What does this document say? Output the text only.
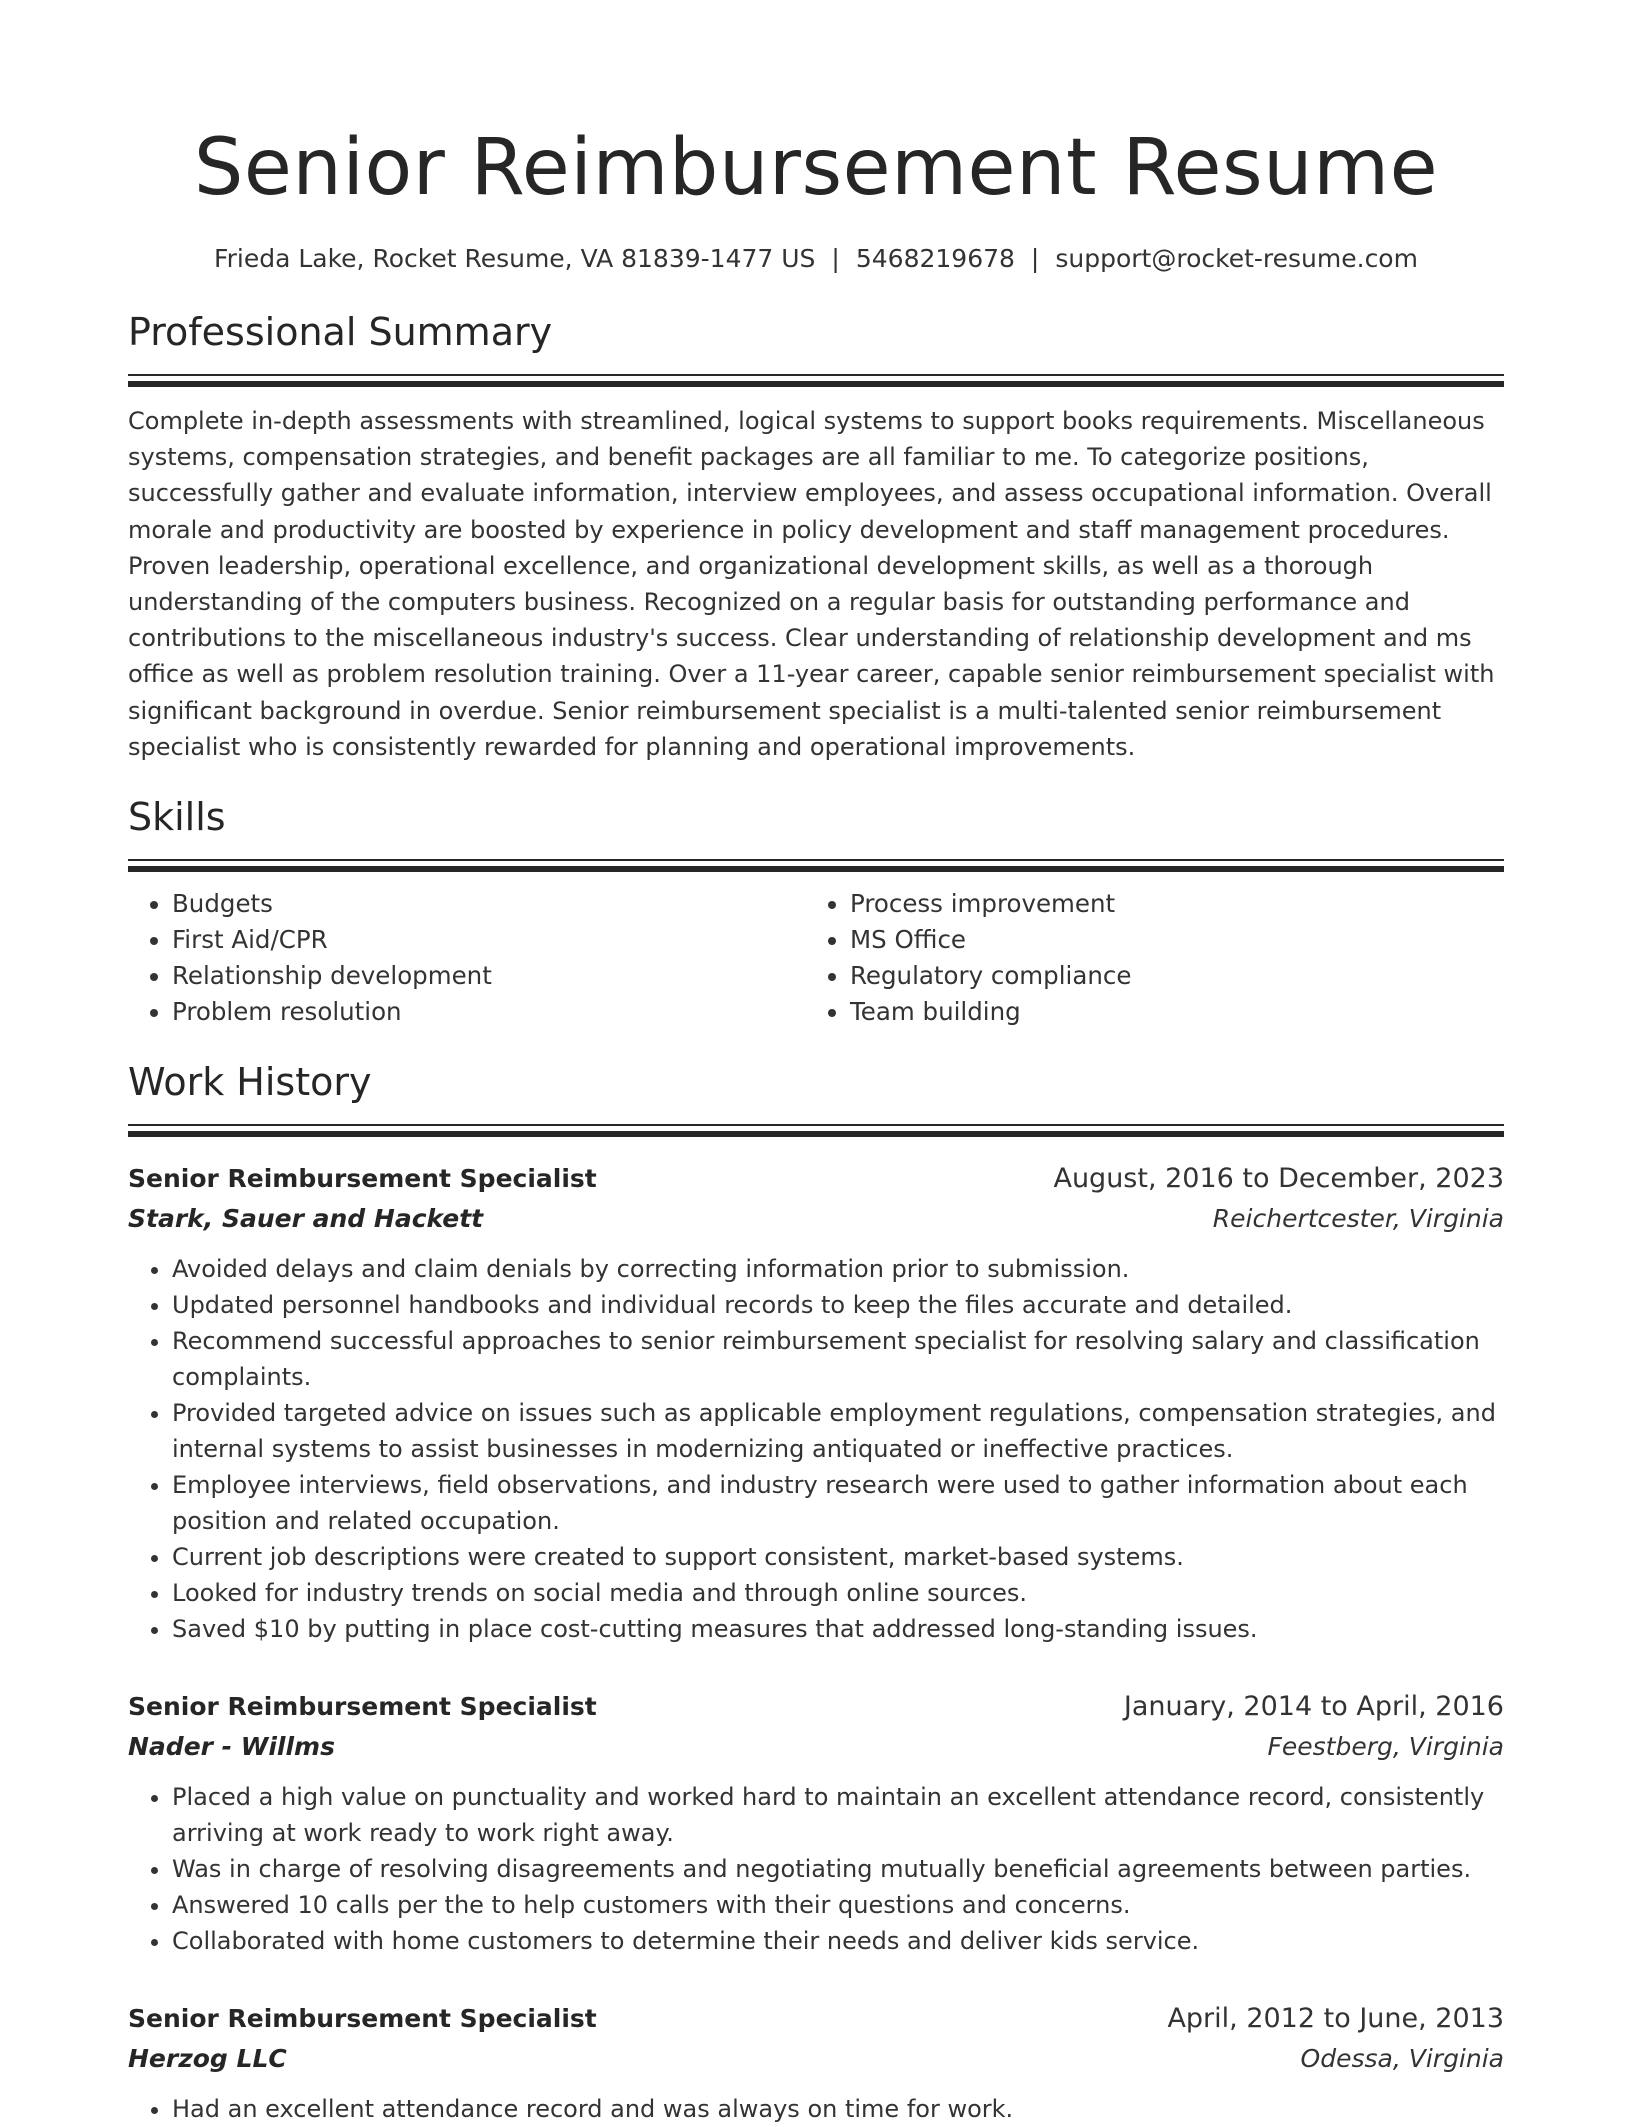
Senior Reimbursement Resume
Frieda Lake, Rocket Resume, VA 81839-1477 US | 5468219678 | support@rocket-resume.com
Professional Summary
Complete in-depth assessments with streamlined, logical systems to support books requirements. Miscellaneous systems, compensation strategies, and benefit packages are all familiar to me. To categorize positions, successfully gather and evaluate information, interview employees, and assess occupational information. Overall morale and productivity are boosted by experience in policy development and staff management procedures. Proven leadership, operational excellence, and organizational development skills, as well as a thorough understanding of the computers business. Recognized on a regular basis for outstanding performance and contributions to the miscellaneous industry's success. Clear understanding of relationship development and ms office as well as problem resolution training. Over a 11-year career, capable senior reimbursement specialist with significant background in overdue. Senior reimbursement specialist is a multi-talented senior reimbursement specialist who is consistently rewarded for planning and operational improvements.
Skills
• Budgets
• First Aid/CPR
• Relationship development
• Problem resolution
• Process improvement
• MS Office
• Regulatory compliance
• Team building
Work History
Senior Reimbursement Specialist	August, 2016 to December, 2023
Stark, Sauer and Hackett	Reichertcester, Virginia
• Avoided delays and claim denials by correcting information prior to submission.
• Updated personnel handbooks and individual records to keep the files accurate and detailed.
• Recommend successful approaches to senior reimbursement specialist for resolving salary and classification complaints.
• Provided targeted advice on issues such as applicable employment regulations, compensation strategies, and internal systems to assist businesses in modernizing antiquated or ineffective practices.
• Employee interviews, field observations, and industry research were used to gather information about each position and related occupation.
• Current job descriptions were created to support consistent, market-based systems.
• Looked for industry trends on social media and through online sources.
• Saved $10 by putting in place cost-cutting measures that addressed long-standing issues.
Senior Reimbursement Specialist	January, 2014 to April, 2016
Nader - Willms	Feestberg, Virginia
• Placed a high value on punctuality and worked hard to maintain an excellent attendance record, consistently arriving at work ready to work right away.
• Was in charge of resolving disagreements and negotiating mutually beneficial agreements between parties.
• Answered 10 calls per the to help customers with their questions and concerns.
• Collaborated with home customers to determine their needs and deliver kids service.
Senior Reimbursement Specialist	April, 2012 to June, 2013
Herzog LLC	Odessa, Virginia
• Had an excellent attendance record and was always on time for work.
